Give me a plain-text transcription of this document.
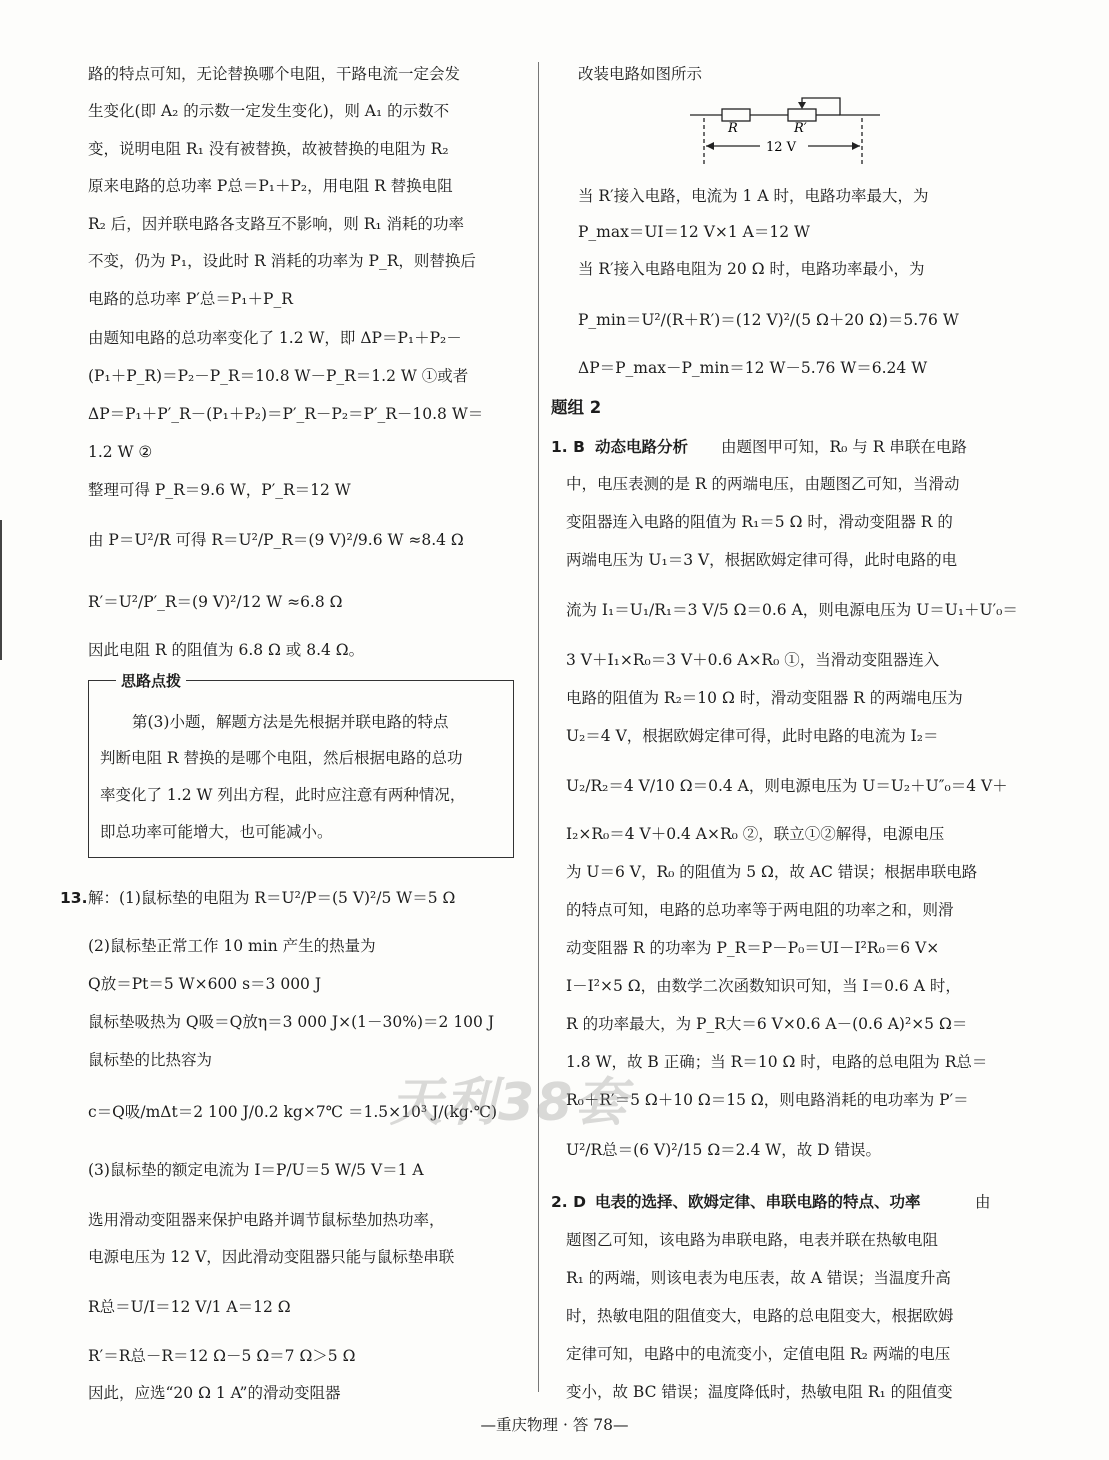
路的特点可知，无论替换哪个电阻，干路电流一定会发
生变化(即 A₂ 的示数一定发生变化)，则 A₁ 的示数不
变，说明电阻 R₁ 没有被替换，故被替换的电阻为 R₂
原来电路的总功率 P总＝P₁＋P₂，用电阻 R 替换电阻
R₂ 后，因并联电路各支路互不影响，则 R₁ 消耗的功率
不变，仍为 P₁，设此时 R 消耗的功率为 P_R，则替换后
电路的总功率 P′总＝P₁＋P_R
由题知电路的总功率变化了 1.2 W，即 ΔP＝P₁＋P₂－
(P₁＋P_R)＝P₂－P_R＝10.8 W－P_R＝1.2 W ①或者
ΔP＝P₁＋P′_R－(P₁＋P₂)＝P′_R－P₂＝P′_R－10.8 W＝
1.2 W ②
整理可得 P_R＝9.6 W，P′_R＝12 W
由 P＝U²/R 可得 R＝U²/P_R＝(9 V)²/9.6 W ≈8.4 Ω
R′＝U²/P′_R＝(9 V)²/12 W ≈6.8 Ω
因此电阻 R 的阻值为 6.8 Ω 或 8.4 Ω。
思路点拨
第(3)小题，解题方法是先根据并联电路的特点
判断电阻 R 替换的是哪个电阻，然后根据电路的总功
率变化了 1.2 W 列出方程，此时应注意有两种情况，
即总功率可能增大，也可能减小。
13. 解：(1)鼠标垫的电阻为 R＝U²/P＝(5 V)²/5 W＝5 Ω
(2)鼠标垫正常工作 10 min 产生的热量为
Q放＝Pt＝5 W×600 s＝3 000 J
鼠标垫吸热为 Q吸＝Q放η＝3 000 J×(1－30%)＝2 100 J
鼠标垫的比热容为
c＝Q吸/mΔt＝2 100 J/0.2 kg×7℃ ＝1.5×10³ J/(kg·℃)
(3)鼠标垫的额定电流为 I＝P/U＝5 W/5 V＝1 A
选用滑动变阻器来保护电路并调节鼠标垫加热功率，
电源电压为 12 V，因此滑动变阻器只能与鼠标垫串联
R总＝U/I＝12 V/1 A＝12 Ω
R′＝R总－R＝12 Ω－5 Ω＝7 Ω＞5 Ω
因此，应选“20 Ω 1 A”的滑动变阻器
改装电路如图所示
R	R′
12 V
当 R′接入电路，电流为 1 A 时，电路功率最大，为
P_max＝UI＝12 V×1 A＝12 W
当 R′接入电路电阻为 20 Ω 时，电路功率最小，为
P_min＝U²/(R＋R′)＝(12 V)²/(5 Ω＋20 Ω)＝5.76 W
ΔP＝P_max－P_min＝12 W－5.76 W＝6.24 W
题组 2
1. B 动态电路分析 由题图甲可知，R₀ 与 R 串联在电路
中，电压表测的是 R 的两端电压，由题图乙可知，当滑动
变阻器连入电路的阻值为 R₁＝5 Ω 时，滑动变阻器 R 的
两端电压为 U₁＝3 V，根据欧姆定律可得，此时电路的电
流为 I₁＝U₁/R₁＝3 V/5 Ω＝0.6 A，则电源电压为 U＝U₁＋U′₀＝
3 V＋I₁×R₀＝3 V＋0.6 A×R₀ ①，当滑动变阻器连入
电路的阻值为 R₂＝10 Ω 时，滑动变阻器 R 的两端电压为
U₂＝4 V，根据欧姆定律可得，此时电路的电流为 I₂＝
U₂/R₂＝4 V/10 Ω＝0.4 A，则电源电压为 U＝U₂＋U″₀＝4 V＋
I₂×R₀＝4 V＋0.4 A×R₀ ②，联立①②解得，电源电压
为 U＝6 V，R₀ 的阻值为 5 Ω，故 AC 错误；根据串联电路
的特点可知，电路的总功率等于两电阻的功率之和，则滑
动变阻器 R 的功率为 P_R＝P－P₀＝UI－I²R₀＝6 V×
I－I²×5 Ω，由数学二次函数知识可知，当 I＝0.6 A 时，
R 的功率最大，为 P_R大＝6 V×0.6 A－(0.6 A)²×5 Ω＝
1.8 W，故 B 正确；当 R＝10 Ω 时，电路的总电阻为 R总＝
R₀＋R′＝5 Ω＋10 Ω＝15 Ω，则电路消耗的电功率为 P′＝
U²/R总＝(6 V)²/15 Ω＝2.4 W，故 D 错误。
2. D 电表的选择、欧姆定律、串联电路的特点、功率	由
题图乙可知，该电路为串联电路，电表并联在热敏电阻
R₁ 的两端，则该电表为电压表，故 A 错误；当温度升高
时，热敏电阻的阻值变大，电路的总电阻变大，根据欧姆
定律可知，电路中的电流变小，定值电阻 R₂ 两端的电压
变小，故 BC 错误；温度降低时，热敏电阻 R₁ 的阻值变
天利38套
—重庆物理 · 答 78—
